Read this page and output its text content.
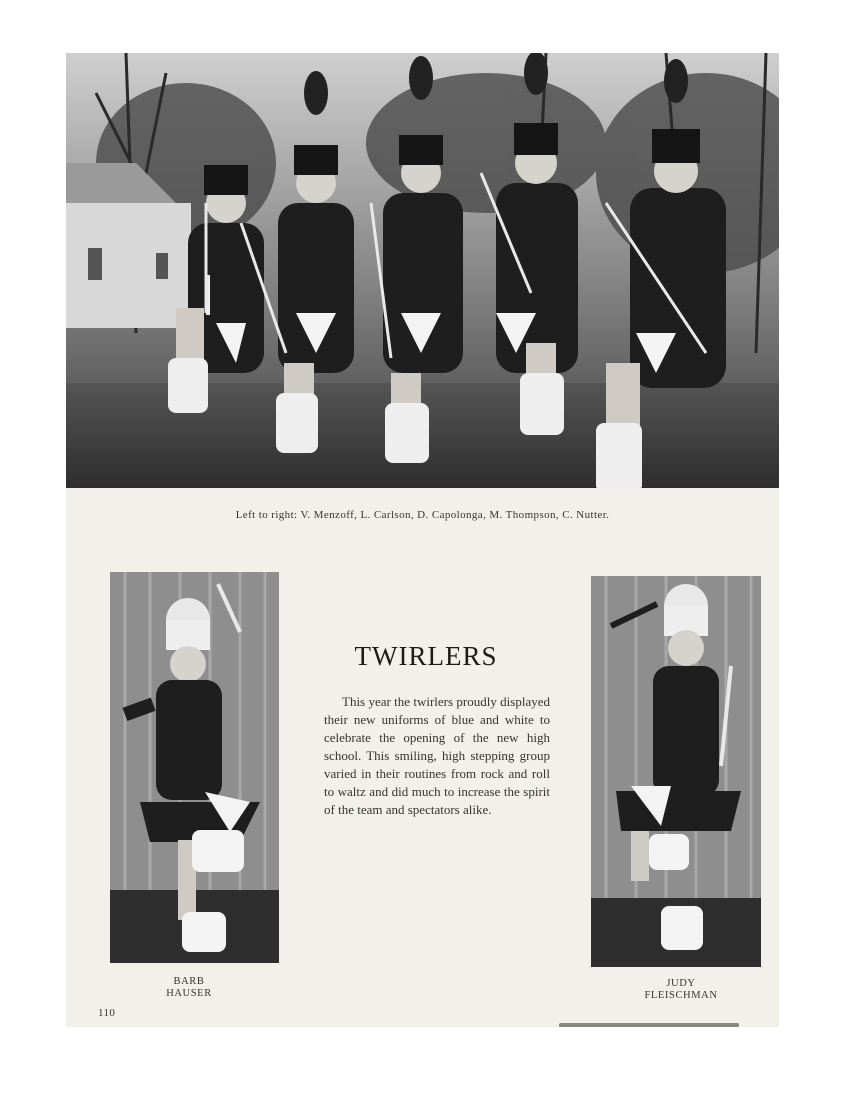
Left to right: V. Menzoff, L. Carlson, D. Capolonga, M. Thompson, C. Nutter.
TWIRLERS

This year the twirlers proudly displayed their new uniforms of blue and white to celebrate the opening of the new high school. This smiling, high stepping group varied in their routines from rock and roll to waltz and did much to increase the spirit of the team and spectators alike.

BARB
HAUSER
JUDY
FLEISCHMAN
110
